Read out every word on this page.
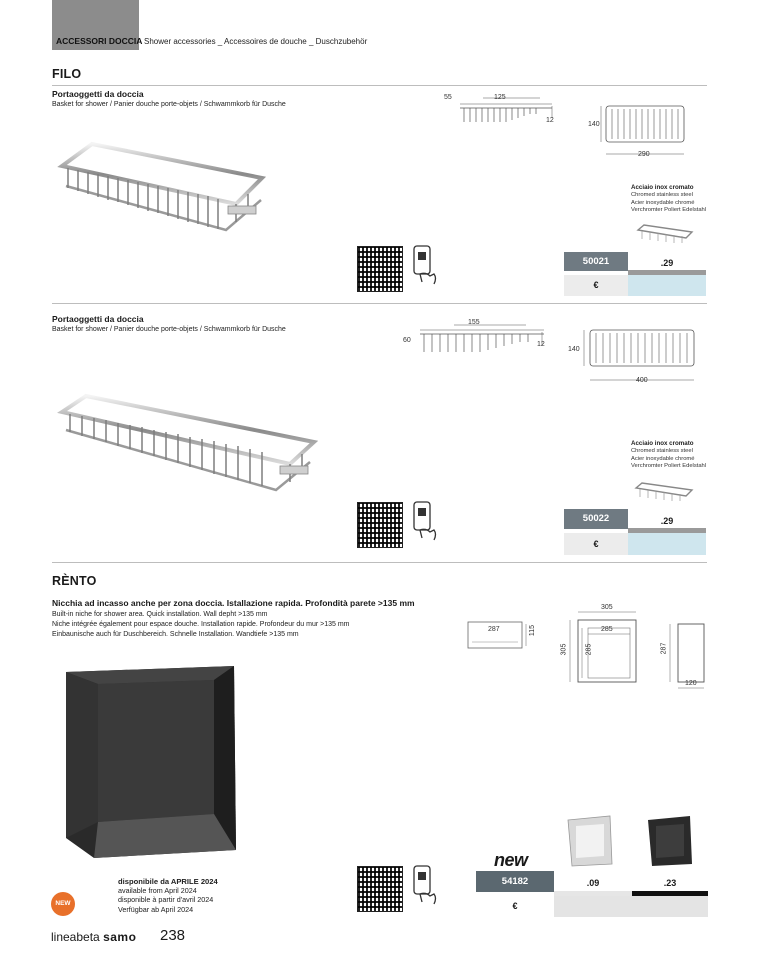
ACCESSORI DOCCIA Shower accessories _ Accessoires de douche _ Duschzubehör
FILO
Portaoggetti da doccia
Basket for shower / Panier douche porte-objets / Schwammkorb für Dusche
55	125
12
140
290
Acciaio inox cromato
Chromed stainless steel
Acier inoxydable chromé
Verchromter Poliert Edelstahl
50021	.29
€
Portaoggetti da doccia
Basket for shower / Panier douche porte-objets / Schwammkorb für Dusche
60
155
12
140
400
Acciaio inox cromato
Chromed stainless steel
Acier inoxydable chromé
Verchromter Poliert Edelstahl
50022	.29
€
RÈNTO
Nicchia ad incasso anche per zona doccia. Istallazione rapida. Profondità parete >135 mm
Built-in niche for shower area. Quick installation. Wall depht >135 mm
Niche intégrée également pour espace douche. Installation rapide. Profondeur du mur >135 mm
Einbaunische auch für Duschbereich. Schnelle Installation. Wandtiefe >135 mm
287	115
305
285
305	285	287
120
new
54182	.09	.23
€
NEW
disponibile da APRILE 2024
available from April 2024
disponible à partir d'avril 2024
Verfügbar ab April 2024
lineabeta samo 238
